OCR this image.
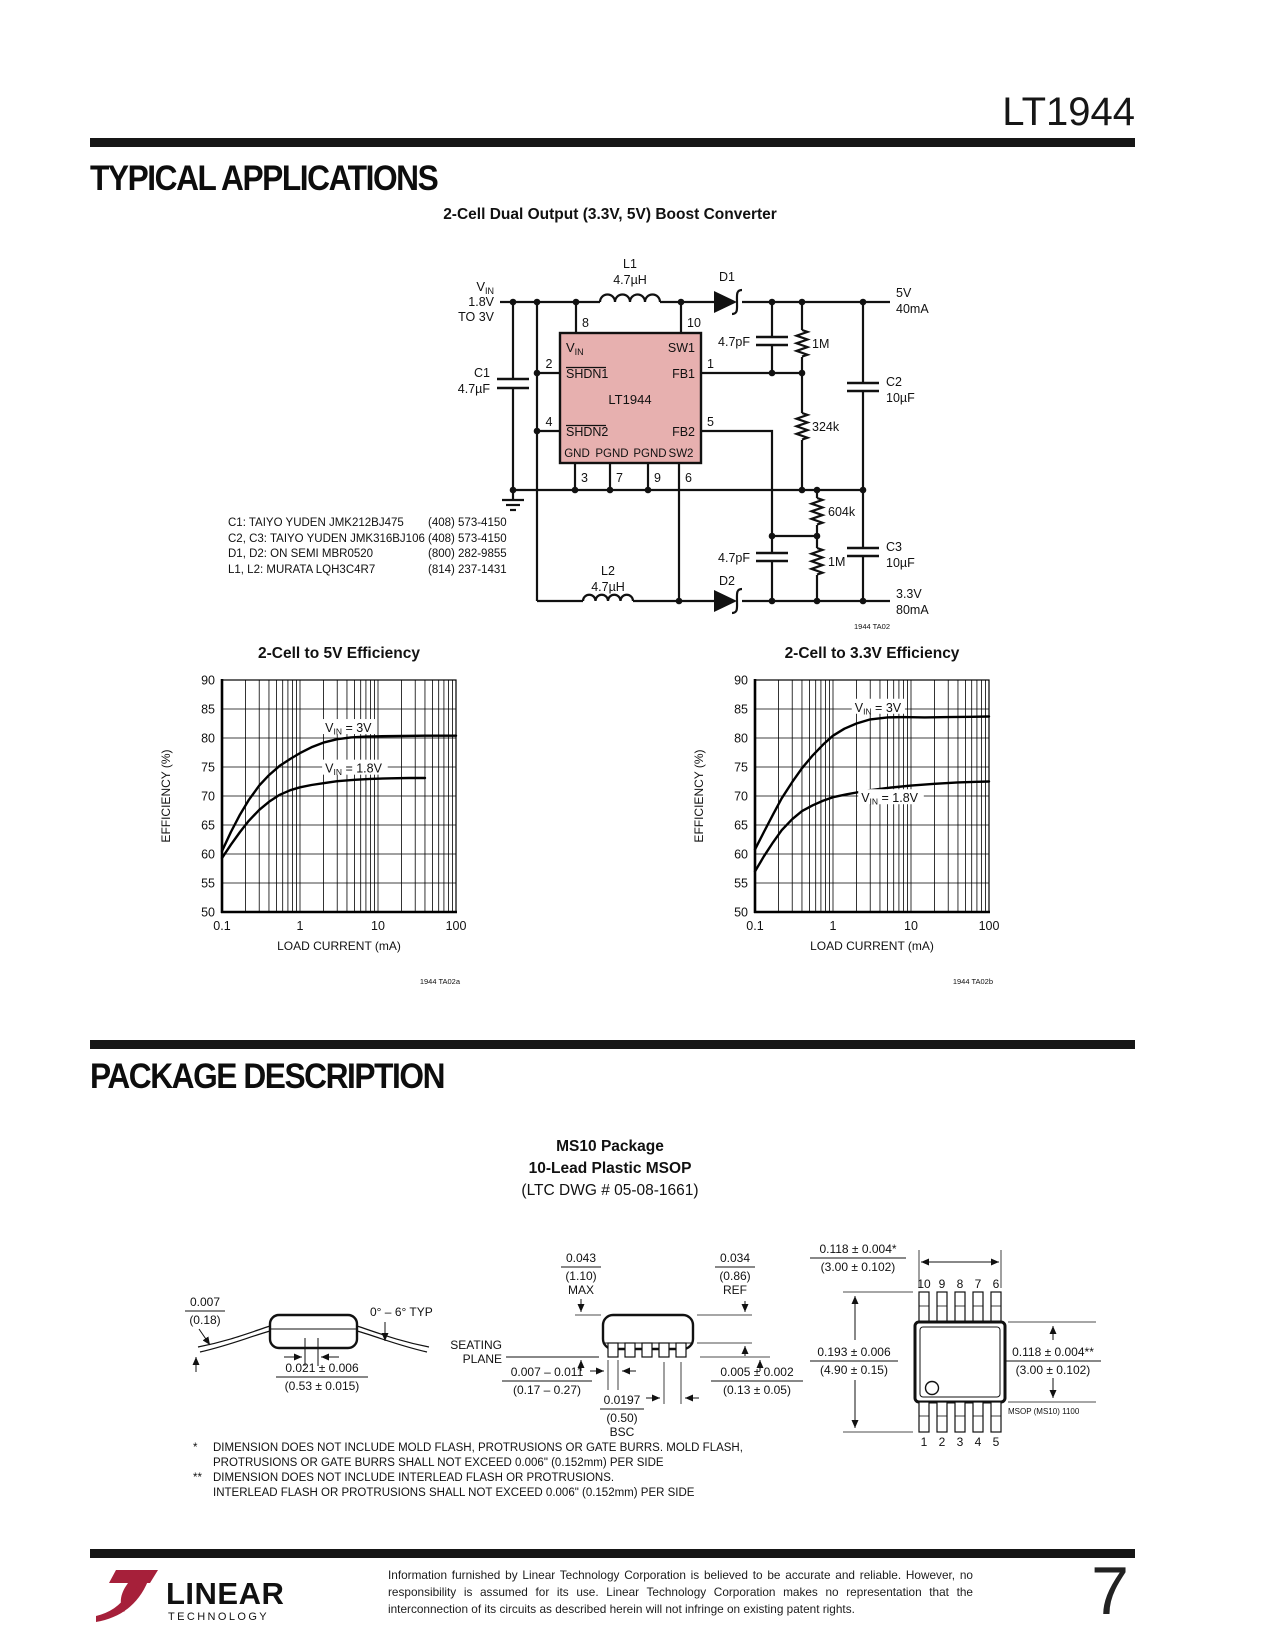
LT1944
TYPICAL APPLICATIONS
2-Cell Dual Output (3.3V, 5V) Boost Converter
$V_{IN}$	SW1
SHDN1	FB1
LT1944
SHDN2	FB2
GND PGND PGND SW2
8	10
2	1
4	5
3 7 9 6
$V_{IN}$
1.8V
TO 3V
L1
4.7µH	D1
C1
4.7µF
4.7pF	1M
324k
C2
10µF
604k
4.7pF	1M
C3
10µF
L2
4.7µH	D2
5V
40mA
3.3V
80mA
1944 TA02
C1: TAIYO YUDEN JMK212BJ475	(408) 573-4150
C2, C3: TAIYO YUDEN JMK316BJ106 (408) 573-4150
D1, D2: ON SEMI MBR0520	(800) 282-9855
L1, L2: MURATA LQH3C4R7	(814) 237-1431
$V_{IN} = 3V$
$V_{IN} = 1.8V$
50
55
60
65
70
75
80
85
90
0.1	1	10	100
2-Cell to 5V Efficiency
LOAD CURRENT (mA)
EFFICIENCY (%)
1944 TA02a
$V_{IN} = 3V$
$V_{IN} = 1.8V$
50
55
60
65
70
75
80
85
90
0.1	1	10	100
2-Cell to 3.3V Efficiency
LOAD CURRENT (mA)
EFFICIENCY (%)
1944 TA02b
PACKAGE DESCRIPTION
MS10 Package
10-Lead Plastic MSOP
(LTC DWG # 05-08-1661)
0.007
(0.18)
0° – 6° TYP
0.021 ± 0.006
(0.53 ± 0.015)
0.043
(1.10)
MAX
0.034
(0.86)
REF
SEATING
PLANE
0.005 ± 0.002
(0.13 ± 0.05)
0.007 – 0.011
(0.17 – 0.27)
0.0197
(0.50)
BSC
0.118 ± 0.004*
(3.00 ± 0.102)
10 9 8 7 6
1 2 3 4 5
0.193 ± 0.006
(4.90 ± 0.15)
0.118 ± 0.004**
(3.00 ± 0.102)
MSOP (MS10) 1100
*	DIMENSION DOES NOT INCLUDE MOLD FLASH, PROTRUSIONS OR GATE BURRS. MOLD FLASH,
PROTRUSIONS OR GATE BURRS SHALL NOT EXCEED 0.006" (0.152mm) PER SIDE
** DIMENSION DOES NOT INCLUDE INTERLEAD FLASH OR PROTRUSIONS.
INTERLEAD FLASH OR PROTRUSIONS SHALL NOT EXCEED 0.006" (0.152mm) PER SIDE
LINEAR
TECHNOLOGY
Information furnished by Linear Technology Corporation is believed to be accurate and reliable. However, no responsibility is assumed for its use. Linear Technology Corporation makes no representation that the interconnection of its circuits as described herein will not infringe on existing patent rights.	7
